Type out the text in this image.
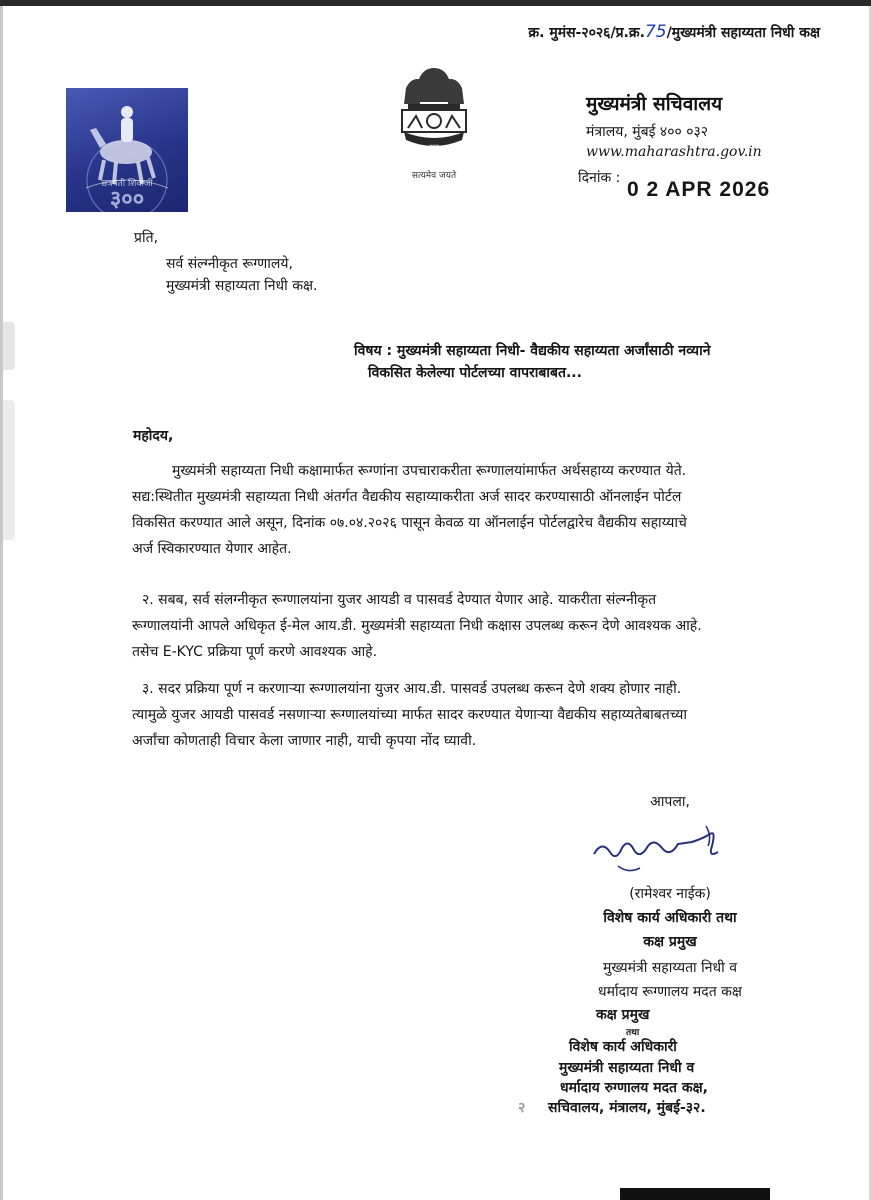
क्र. मुमंस-२०२६/प्र.क्र.75/मुख्यमंत्री सहाय्यता निधी कक्ष
छत्रपती शिवाजी
३००
ब्रह्मद
सत्यमेव जयते
मुख्यमंत्री सचिवालय
मंत्रालय, मुंबई ४०० ०३२
www.maharashtra.gov.in
दिनांक : 0 2 APR 2026
प्रति,
सर्व संल्ग्नीकृत रूग्णालये,
मुख्यमंत्री सहाय्यता निधी कक्ष.
विषय : मुख्यमंत्री सहाय्यता निधी- वैद्यकीय सहाय्यता अर्जांसाठी नव्याने
विकसित केलेल्या पोर्टलच्या वापराबाबत...
महोदय,
मुख्यमंत्री सहाय्यता निधी कक्षामार्फत रूग्णांना उपचाराकरीता रूग्णालयांमार्फत अर्थसहाय्य करण्यात येते.
सद्य:स्थितीत मुख्यमंत्री सहाय्यता निधी अंतर्गत वैद्यकीय सहाय्याकरीता अर्ज सादर करण्यासाठी ऑनलाईन पोर्टल
विकसित करण्यात आले असून, दिनांक ०७.०४.२०२६ पासून केवळ या ऑनलाईन पोर्टलद्वारेच वैद्यकीय सहाय्याचे
अर्ज स्विकारण्यात येणार आहेत.
२. सबब, सर्व संलग्नीकृत रूग्णालयांना युजर आयडी व पासवर्ड देण्यात येणार आहे. याकरीता संल्ग्नीकृत
रूग्णालयांनी आपले अधिकृत ई-मेल आय.डी. मुख्यमंत्री सहाय्यता निधी कक्षास उपलब्ध करून देणे आवश्यक आहे.
तसेच E-KYC प्रक्रिया पूर्ण करणे आवश्यक आहे.
३. सदर प्रक्रिया पूर्ण न करणाऱ्या रूग्णालयांना युजर आय.डी. पासवर्ड उपलब्ध करून देणे शक्य होणार नाही.
त्यामुळे युजर आयडी पासवर्ड नसणाऱ्या रूग्णालयांच्या मार्फत सादर करण्यात येणाऱ्या वैद्यकीय सहाय्यतेबाबतच्या
अर्जांचा कोणताही विचार केला जाणार नाही, याची कृपया नोंद घ्यावी.
आपला,
रामेश्वर
(रामेश्वर नाईक)
विशेष कार्य अधिकारी तथा
कक्ष प्रमुख
मुख्यमंत्री सहाय्यता निधी व
धर्मादाय रूग्णालय मदत कक्ष
कक्ष प्रमुख
तथा
विशेष कार्य अधिकारी
मुख्यमंत्री सहाय्यता निधी व
धर्मादाय रुग्णालय मदत कक्ष,
२ सचिवालय, मंत्रालय, मुंबई-३२.
